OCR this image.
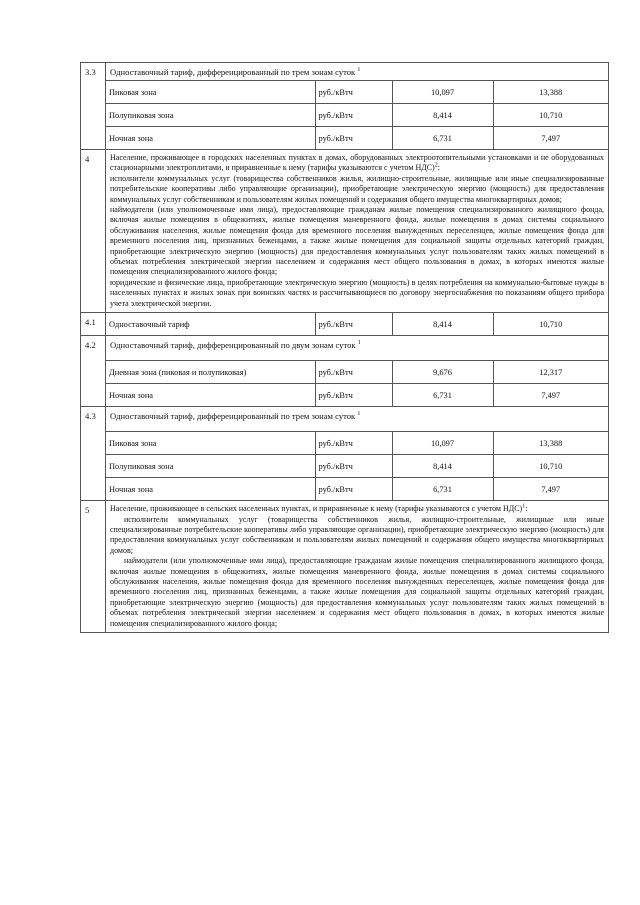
3.3	Одноставочный тариф, дифференцированный по трем зонам суток $^1$
Пиковая зона	руб./кВтч	10,097	13,388
Полупиковая зона	руб./кВтч	8,414	10,710
Ночная зона	руб./кВтч	6,731	7,497

4	Население, проживающее в городских населенных пунктах в домах, оборудованных электроотопительными установками и не оборудованных стационарными электроплитами, и приравненные к нему (тарифы указываются с учетом НДС)$^2$:

исполнители коммунальных услуг (товарищества собственников жилья, жилищно-строительные, жилищные или иные специализированные потребительские кооперативы либо управляющие организации), приобретающие электрическую энергию (мощность) для предоставления коммунальных услуг собственникам и пользователям жилых помещений и содержания общего имущества многоквартирных домов;

наймодатели (или уполномоченные ими лица), предоставляющие гражданам жилые помещения специализированного жилищного фонда, включая жилые помещения в общежитиях, жилые помещения маневренного фонда, жилые помещения в домах системы социального обслуживания населения, жилые помещения фонда для временного поселения вынужденных переселенцев, жилые помещения фонда для временного поселения лиц, признанных беженцами, а также жилые помещения для социальной защиты отдельных категорий граждан, приобретающие электрическую энергию (мощность) для предоставления коммунальных услуг пользователям таких жилых помещений в объемах потребления электрической энергии населением и содержания мест общего пользования в домах, в которых имеются жилые помещения специализированного жилого фонда;

юридические и физические лица, приобретающие электрическую энергию (мощность) в целях потребления на коммунально-бытовые нужды в населенных пунктах и жилых зонах при воинских частях и рассчитывающиеся по договору энергоснабжения по показаниям общего прибора учета электрической энергии.

4.1	Одноставочный тариф	руб./кВтч	8,414	10,710

4.2	Одноставочный тариф, дифференцированный по двум зонам суток $^1$
Дневная зона (пиковая и полупиковая)	руб./кВтч	9,676	12,317
Ночная зона	руб./кВтч	6,731	7,497

4.3	Одноставочный тариф, дифференцированный по трем зонам суток $^1$
Пиковая зона	руб./кВтч	10,097	13,388
Полупиковая зона	руб./кВтч	8,414	10,710
Ночная зона	руб./кВтч	6,731	7,497

5	Население, проживающее в сельских населенных пунктах, и приравненные к нему (тарифы указываются с учетом НДС)$^1$:

исполнители коммунальных услуг (товарищества собственников жилья, жилищно-строительные, жилищные или иные специализированные потребительские кооперативы либо управляющие организации), приобретающие электрическую энергию (мощность) для предоставления коммунальных услуг собственникам и пользователям жилых помещений и содержания общего имущества многоквартирных домов;

наймодатели (или уполномоченные ими лица), предоставляющие гражданам жилые помещения специализированного жилищного фонда, включая жилые помещения в общежитиях, жилые помещения маневренного фонда, жилые помещения в домах системы социального обслуживания населения, жилые помещения фонда для временного поселения вынужденных переселенцев, жилые помещения фонда для временного поселения лиц, признанных беженцами, а также жилые помещения для социальной защиты отдельных категорий граждан, приобретающие электрическую энергию (мощность) для предоставления коммунальных услуг пользователям таких жилых помещений в объемах потребления электрической энергии населением и содержания мест общего пользования в домах, в которых имеются жилые помещения специализированного жилого фонда;
